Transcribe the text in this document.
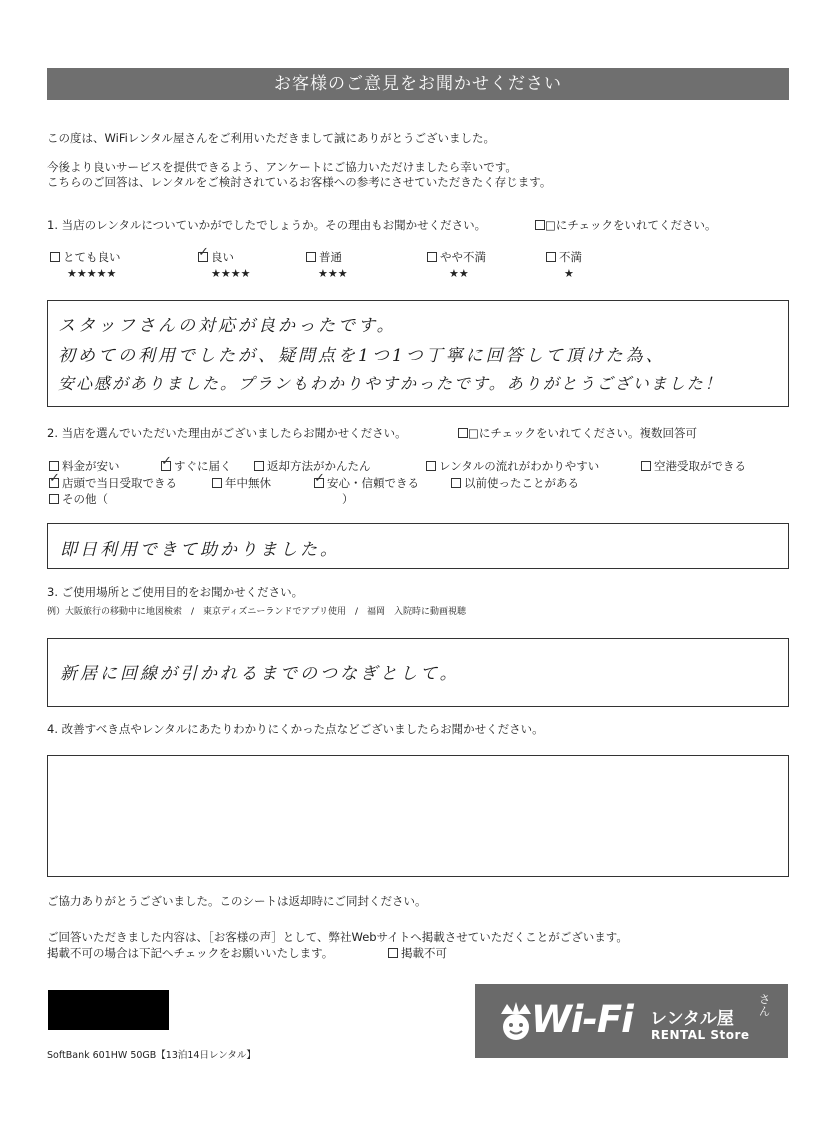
お客様のご意見をお聞かせください
この度は、WiFiレンタル屋さんをご利用いただきまして誠にありがとうございました。
今後より良いサービスを提供できるよう、アンケートにご協力いただけましたら幸いです。
こちらのご回答は、レンタルをご検討されているお客様への参考にさせていただきたく存じます。
1. 当店のレンタルについていかがでしたでしょうか。その理由もお聞かせください。	□にチェックをいれてください。
とても良い
★★★★★
✓良い
★★★★
普通
★★★
やや不満
★★
不満
★
スタッフさんの対応が良かったです。
初めての利用でしたが、疑問点を1つ1つ丁寧に回答して頂けた為、
安心感がありました。プランもわかりやすかったです。ありがとうございました！
2. 当店を選んでいただいた理由がございましたらお聞かせください。	□にチェックをいれてください。複数回答可
料金が安い ✓	すぐに届く	返却方法がかんたん	レンタルの流れがわかりやすい	空港受取ができる
✓店頭で当日受取できる	年中無休 ✓	安心・信頼できる	以前使ったことがある
その他（	）
即日利用できて助かりました。
3. ご使用場所とご使用目的をお聞かせください。
例）大阪旅行の移動中に地図検索　/　東京ディズニーランドでアプリ使用　/　福岡　入院時に動画視聴
新居に回線が引かれるまでのつなぎとして。
4. 改善すべき点やレンタルにあたりわかりにくかった点などございましたらお聞かせください。
ご協力ありがとうございました。このシートは返却時にご同封ください。
ご回答いただきました内容は、［お客様の声］として、弊社Webサイトへ掲載させていただくことがございます。
掲載不可の場合は下記へチェックをお願いいたします。	掲載不可
SoftBank 601HW 50GB【13泊14日レンタル】
Wi-Fi レンタル屋
さん
RENTAL Store
